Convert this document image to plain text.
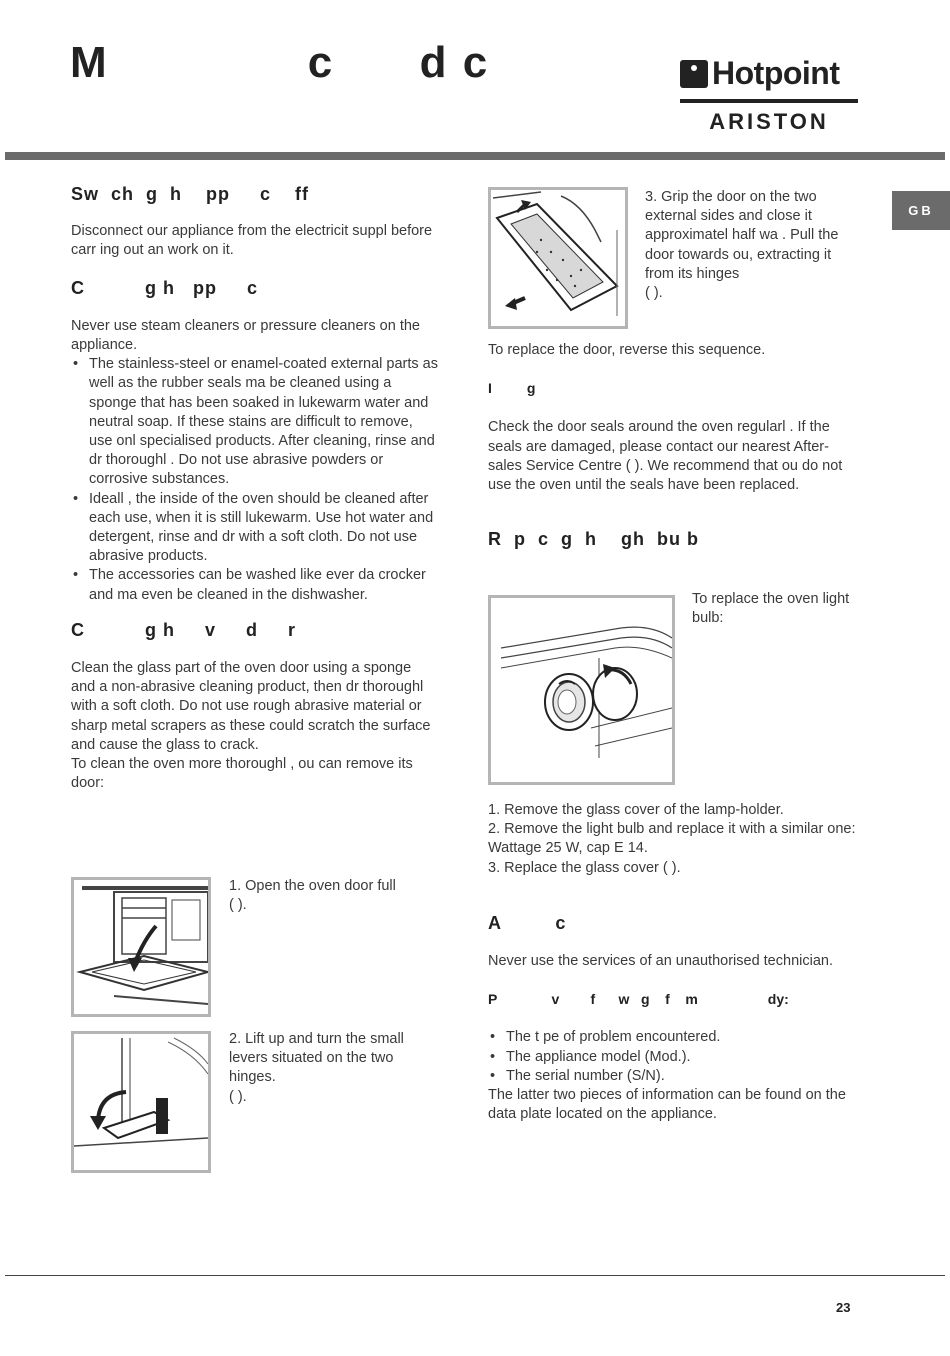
M              c      d c	Hotpoint
ARISTON
GB
Sw  ch  g  h    pp     c    ff

Disconnect our appliance from the electricit suppl before carr ing out an work on it.

C          g h   pp     c

Never use steam cleaners or pressure cleaners on the appliance.

• The stainless-steel or enamel-coated external parts as well as the rubber seals ma be cleaned using a sponge that has been soaked in lukewarm water and neutral soap. If these stains are difficult to remove, use onl specialised products. After cleaning, rinse and dr thoroughl . Do not use abrasive powders or corrosive substances.
• Ideall , the inside of the oven should be cleaned after each use, when it is still lukewarm. Use hot water and detergent, rinse and dr with a soft cloth. Do not use abrasive products.
• The accessories can be washed like ever da crocker and ma even be cleaned in the dishwasher.
C          g h     v     d     r

Clean the glass part of the oven door using a sponge and a non-abrasive cleaning product, then dr thoroughl with a soft cloth. Do not use rough abrasive material or sharp metal scrapers as these could scratch the surface and cause the glass to crack.

To clean the oven more thoroughl , ou can remove its door:

1. Open the oven door full

( ).

2. Lift up and turn the small levers situated on the two hinges.

( ).

3. Grip the door on the two external sides and close it approximatel half wa . Pull the door towards ou, extracting it from its hinges

( ).

To replace the door, reverse this sequence.

I         g

Check the door seals around the oven regularl . If the seals are damaged, please contact our nearest After-sales Service Centre ( ). We recommend that ou do not use the oven until the seals have been replaced.

R  p  c  g  h    gh  bu b

To replace the oven light bulb:

1. Remove the glass cover of the lamp-holder.

2. Remove the light bulb and replace it with a similar one: Wattage 25 W, cap E 14.

3. Replace the glass cover ( ).

A         c

Never use the services of an unauthorised technician.

P              v        f      w   g    f    m                  dy:
• The t pe of problem encountered.
• The appliance model (Mod.).
• The serial number (S/N).

The latter two pieces of information can be found on the data plate located on the appliance.

23
